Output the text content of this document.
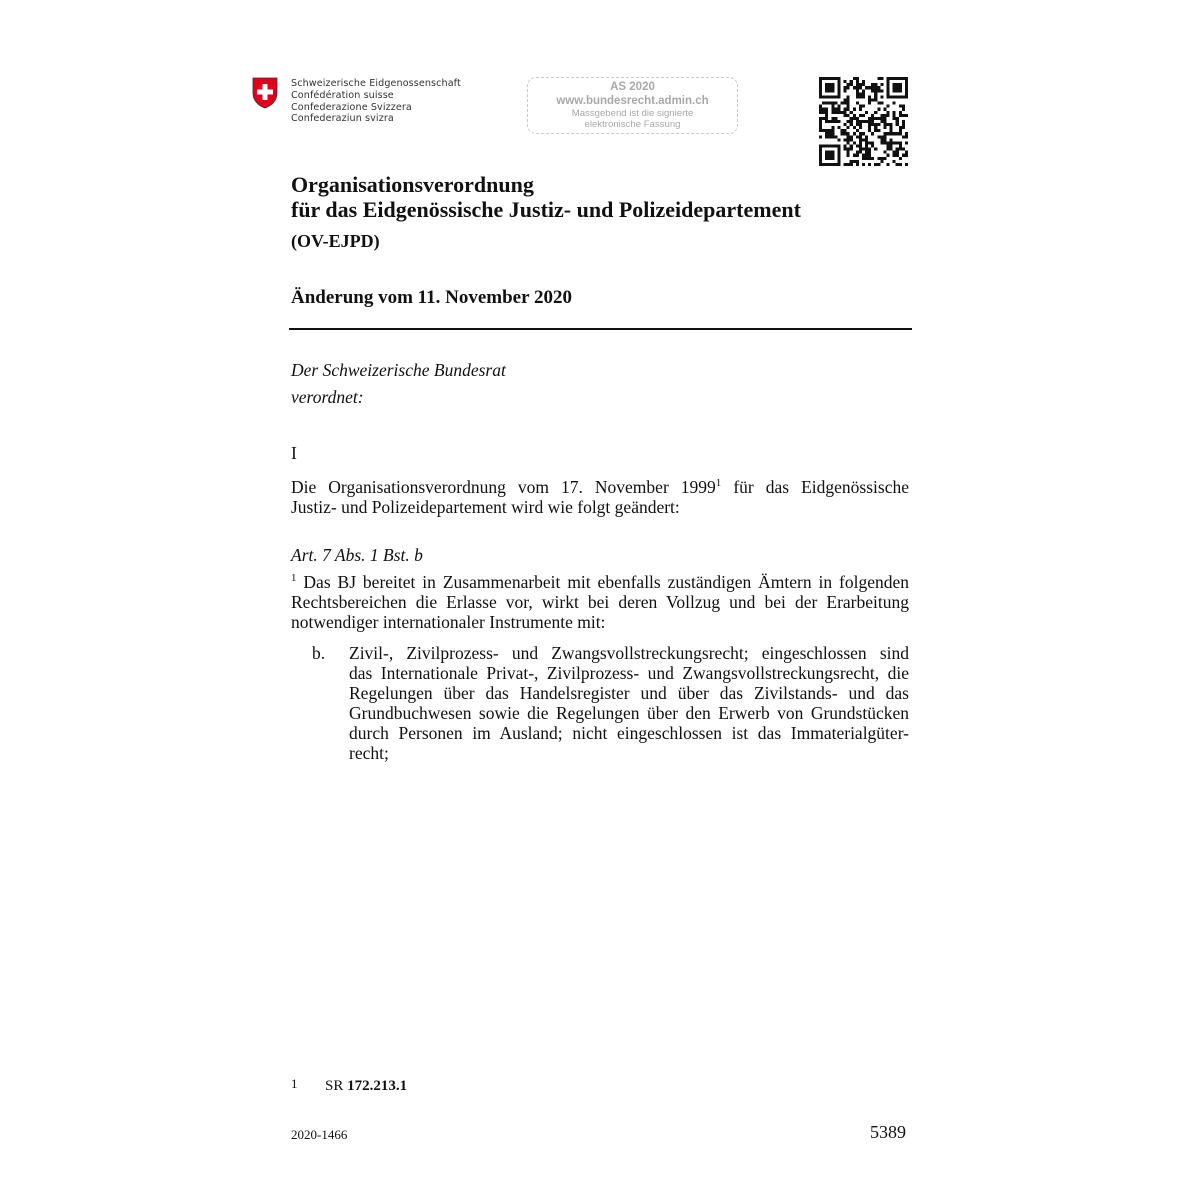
Schweizerische Eidgenossenschaft
Confédération suisse
Confederazione Svizzera
Confederaziun svizra
AS 2020
www.bundesrecht.admin.ch
Massgebend ist die signierte
elektronische Fassung
Organisationsverordnung
für das Eidgenössische Justiz- und Polizeidepartement
(OV-EJPD)
Änderung vom 11. November 2020
Der Schweizerische Bundesrat
verordnet:
I
Die Organisationsverordnung vom 17. November 1999$^1$ für das Eidgenössische
Justiz- und Polizeidepartement wird wie folgt geändert:
Art. 7 Abs. 1 Bst. b
$^1$ Das BJ bereitet in Zusammenarbeit mit ebenfalls zuständigen Ämtern in folgenden
Rechtsbereichen die Erlasse vor, wirkt bei deren Vollzug und bei der Erarbeitung
notwendiger internationaler Instrumente mit:
b. Zivil-, Zivilprozess- und Zwangsvollstreckungsrecht; eingeschlossen sind
das Internationale Privat-, Zivilprozess- und Zwangsvollstreckungsrecht, die
Regelungen über das Handelsregister und über das Zivilstands- und das
Grundbuchwesen sowie die Regelungen über den Erwerb von Grundstücken
durch Personen im Ausland; nicht eingeschlossen ist das Immaterialgüter-
recht;
1 SR 172.213.1
2020-1466	5389
